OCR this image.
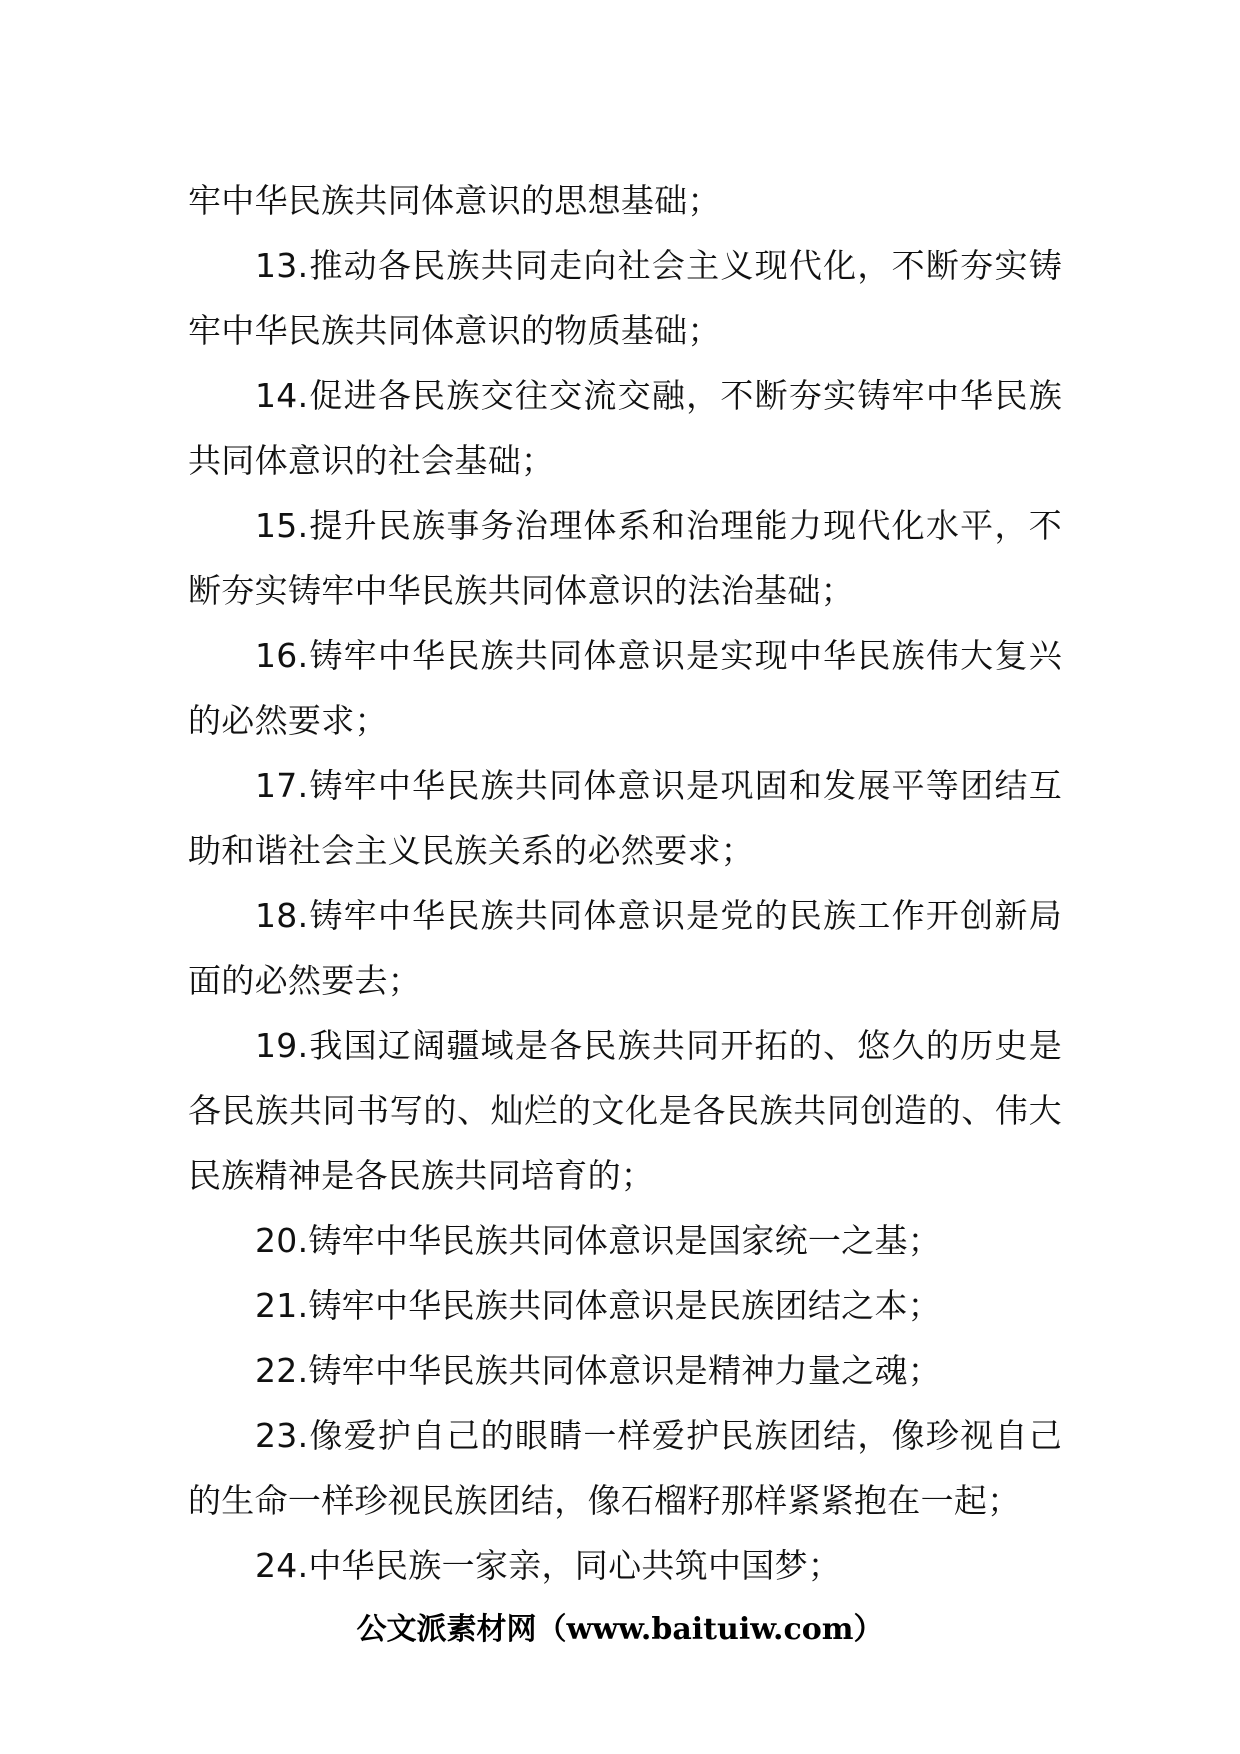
牢中华民族共同体意识的思想基础；

13.推动各民族共同走向社会主义现代化，不断夯实铸牢中华民族共同体意识的物质基础；

14.促进各民族交往交流交融，不断夯实铸牢中华民族共同体意识的社会基础；

15.提升民族事务治理体系和治理能力现代化水平，不断夯实铸牢中华民族共同体意识的法治基础；

16.铸牢中华民族共同体意识是实现中华民族伟大复兴的必然要求；

17.铸牢中华民族共同体意识是巩固和发展平等团结互助和谐社会主义民族关系的必然要求；

18.铸牢中华民族共同体意识是党的民族工作开创新局面的必然要去；

19.我国辽阔疆域是各民族共同开拓的、悠久的历史是各民族共同书写的、灿烂的文化是各民族共同创造的、伟大民族精神是各民族共同培育的；

20.铸牢中华民族共同体意识是国家统一之基；

21.铸牢中华民族共同体意识是民族团结之本；

22.铸牢中华民族共同体意识是精神力量之魂；

23.像爱护自己的眼睛一样爱护民族团结，像珍视自己的生命一样珍视民族团结，像石榴籽那样紧紧抱在一起；

24.中华民族一家亲，同心共筑中国梦；

公文派素材网（www.baituiw.com）
